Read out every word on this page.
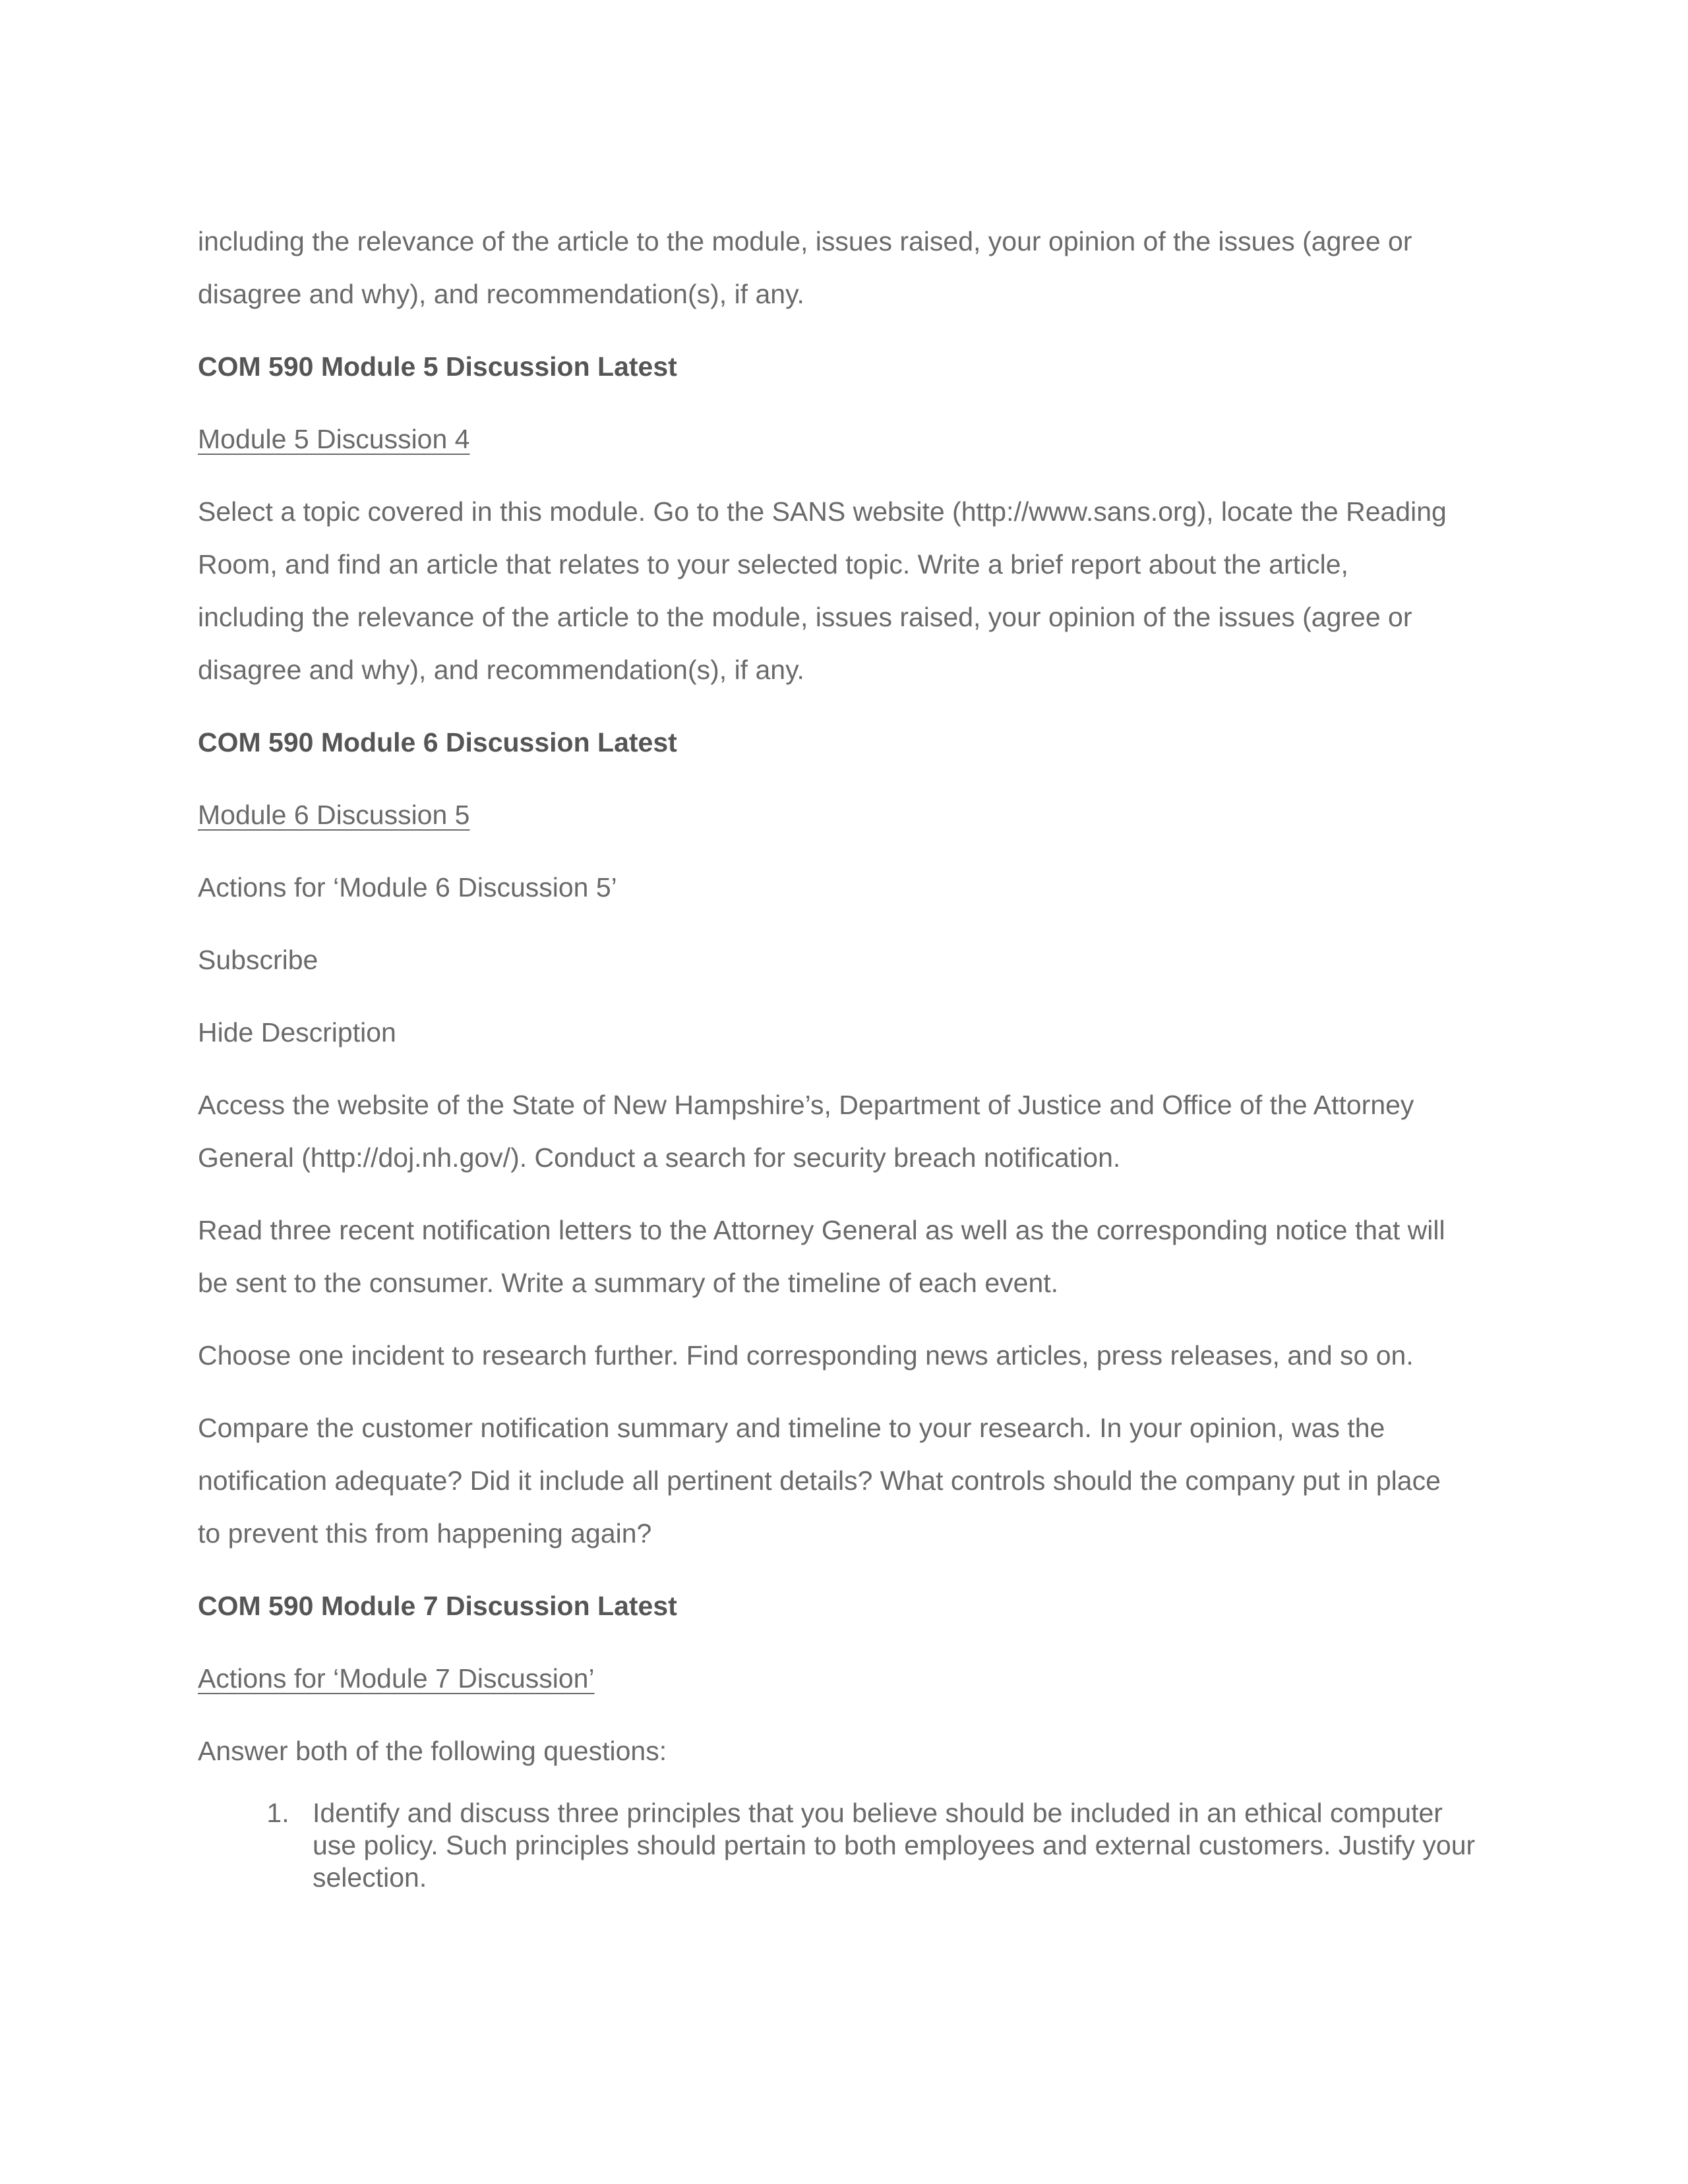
including the relevance of the article to the module, issues raised, your opinion of the issues (agree or
disagree and why), and recommendation(s), if any.

COM 590 Module 5 Discussion Latest

Module 5 Discussion 4

Select a topic covered in this module. Go to the SANS website (http://www.sans.org), locate the Reading
Room, and find an article that relates to your selected topic. Write a brief report about the article,
including the relevance of the article to the module, issues raised, your opinion of the issues (agree or
disagree and why), and recommendation(s), if any.

COM 590 Module 6 Discussion Latest

Module 6 Discussion 5

Actions for ‘Module 6 Discussion 5’

Subscribe

Hide Description

Access the website of the State of New Hampshire’s, Department of Justice and Office of the Attorney
General (http://doj.nh.gov/). Conduct a search for security breach notification.

Read three recent notification letters to the Attorney General as well as the corresponding notice that will
be sent to the consumer. Write a summary of the timeline of each event.

Choose one incident to research further. Find corresponding news articles, press releases, and so on.

Compare the customer notification summary and timeline to your research. In your opinion, was the
notification adequate? Did it include all pertinent details? What controls should the company put in place
to prevent this from happening again?

COM 590 Module 7 Discussion Latest

Actions for ‘Module 7 Discussion’

Answer both of the following questions:

1. Identify and discuss three principles that you believe should be included in an ethical computer
use policy. Such principles should pertain to both employees and external customers. Justify your
selection.
